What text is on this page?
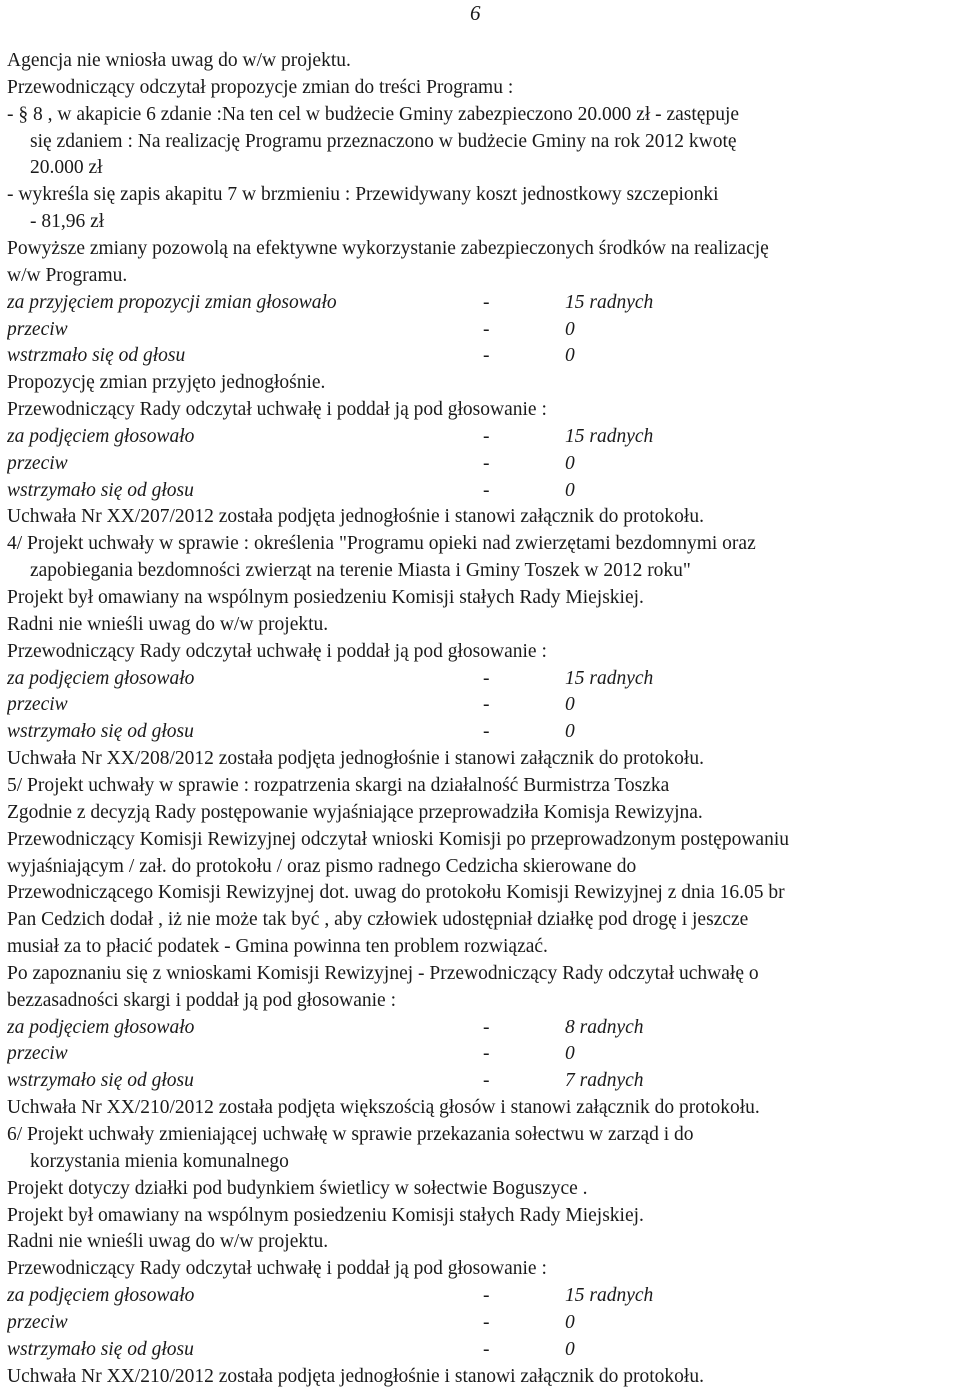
6
Agencja nie wniosła uwag do w/w projektu.
Przewodniczący odczytał propozycje zmian do treści Programu :
- § 8 , w akapicie 6 zdanie :Na ten cel w budżecie Gminy zabezpieczono 20.000 zł - zastępuje
się zdaniem : Na realizację Programu przeznaczono w budżecie Gminy na rok 2012 kwotę
20.000 zł
- wykreśla się zapis akapitu 7 w brzmieniu : Przewidywany koszt jednostkowy szczepionki
- 81,96 zł
Powyższe zmiany pozowolą na efektywne wykorzystanie zabezpieczonych środków na realizację
w/w Programu.
za przyjęciem propozycji zmian głosowało	-	15 radnych
przeciw	-	0
wstrzmało się od głosu	-	0
Propozycję zmian przyjęto jednogłośnie.
Przewodniczący Rady odczytał uchwałę i poddał ją pod głosowanie :
za podjęciem głosowało	-	15 radnych
przeciw	-	0
wstrzymało się od głosu	-	0
Uchwała Nr XX/207/2012 została podjęta jednogłośnie i stanowi załącznik do protokołu.
4/ Projekt uchwały w sprawie : określenia "Programu opieki nad zwierzętami bezdomnymi oraz
zapobiegania bezdomności zwierząt na terenie Miasta i Gminy Toszek w 2012 roku"
Projekt był omawiany na wspólnym posiedzeniu Komisji stałych Rady Miejskiej.
Radni nie wnieśli uwag do w/w projektu.
Przewodniczący Rady odczytał uchwałę i poddał ją pod głosowanie :
za podjęciem głosowało	-	15 radnych
przeciw	-	0
wstrzymało się od głosu	-	0
Uchwała Nr XX/208/2012 została podjęta jednogłośnie i stanowi załącznik do protokołu.
5/ Projekt uchwały w sprawie : rozpatrzenia skargi na działalność Burmistrza Toszka
Zgodnie z decyzją Rady postępowanie wyjaśniające przeprowadziła Komisja Rewizyjna.
Przewodniczący Komisji Rewizyjnej odczytał wnioski Komisji po przeprowadzonym postępowaniu
wyjaśniającym / zał. do protokołu / oraz pismo radnego Cedzicha skierowane do
Przewodniczącego Komisji Rewizyjnej dot. uwag do protokołu Komisji Rewizyjnej z dnia 16.05 br
Pan Cedzich dodał , iż nie może tak być , aby człowiek udostępniał działkę pod drogę i jeszcze
musiał za to płacić podatek - Gmina powinna ten problem rozwiązać.
Po zapoznaniu się z wnioskami Komisji Rewizyjnej - Przewodniczący Rady odczytał uchwałę o
bezzasadności skargi i poddał ją pod głosowanie :
za podjęciem głosowało	-	8 radnych
przeciw	-	0
wstrzymało się od głosu	-	7 radnych
Uchwała Nr XX/210/2012 została podjęta większością głosów i stanowi załącznik do protokołu.
6/ Projekt uchwały zmieniającej uchwałę w sprawie przekazania sołectwu w zarząd i do
korzystania mienia komunalnego
Projekt dotyczy działki pod budynkiem świetlicy w sołectwie Boguszyce .
Projekt był omawiany na wspólnym posiedzeniu Komisji stałych Rady Miejskiej.
Radni nie wnieśli uwag do w/w projektu.
Przewodniczący Rady odczytał uchwałę i poddał ją pod głosowanie :
za podjęciem głosowało	-	15 radnych
przeciw	-	0
wstrzymało się od głosu	-	0
Uchwała Nr XX/210/2012 została podjęta jednogłośnie i stanowi załącznik do protokołu.
